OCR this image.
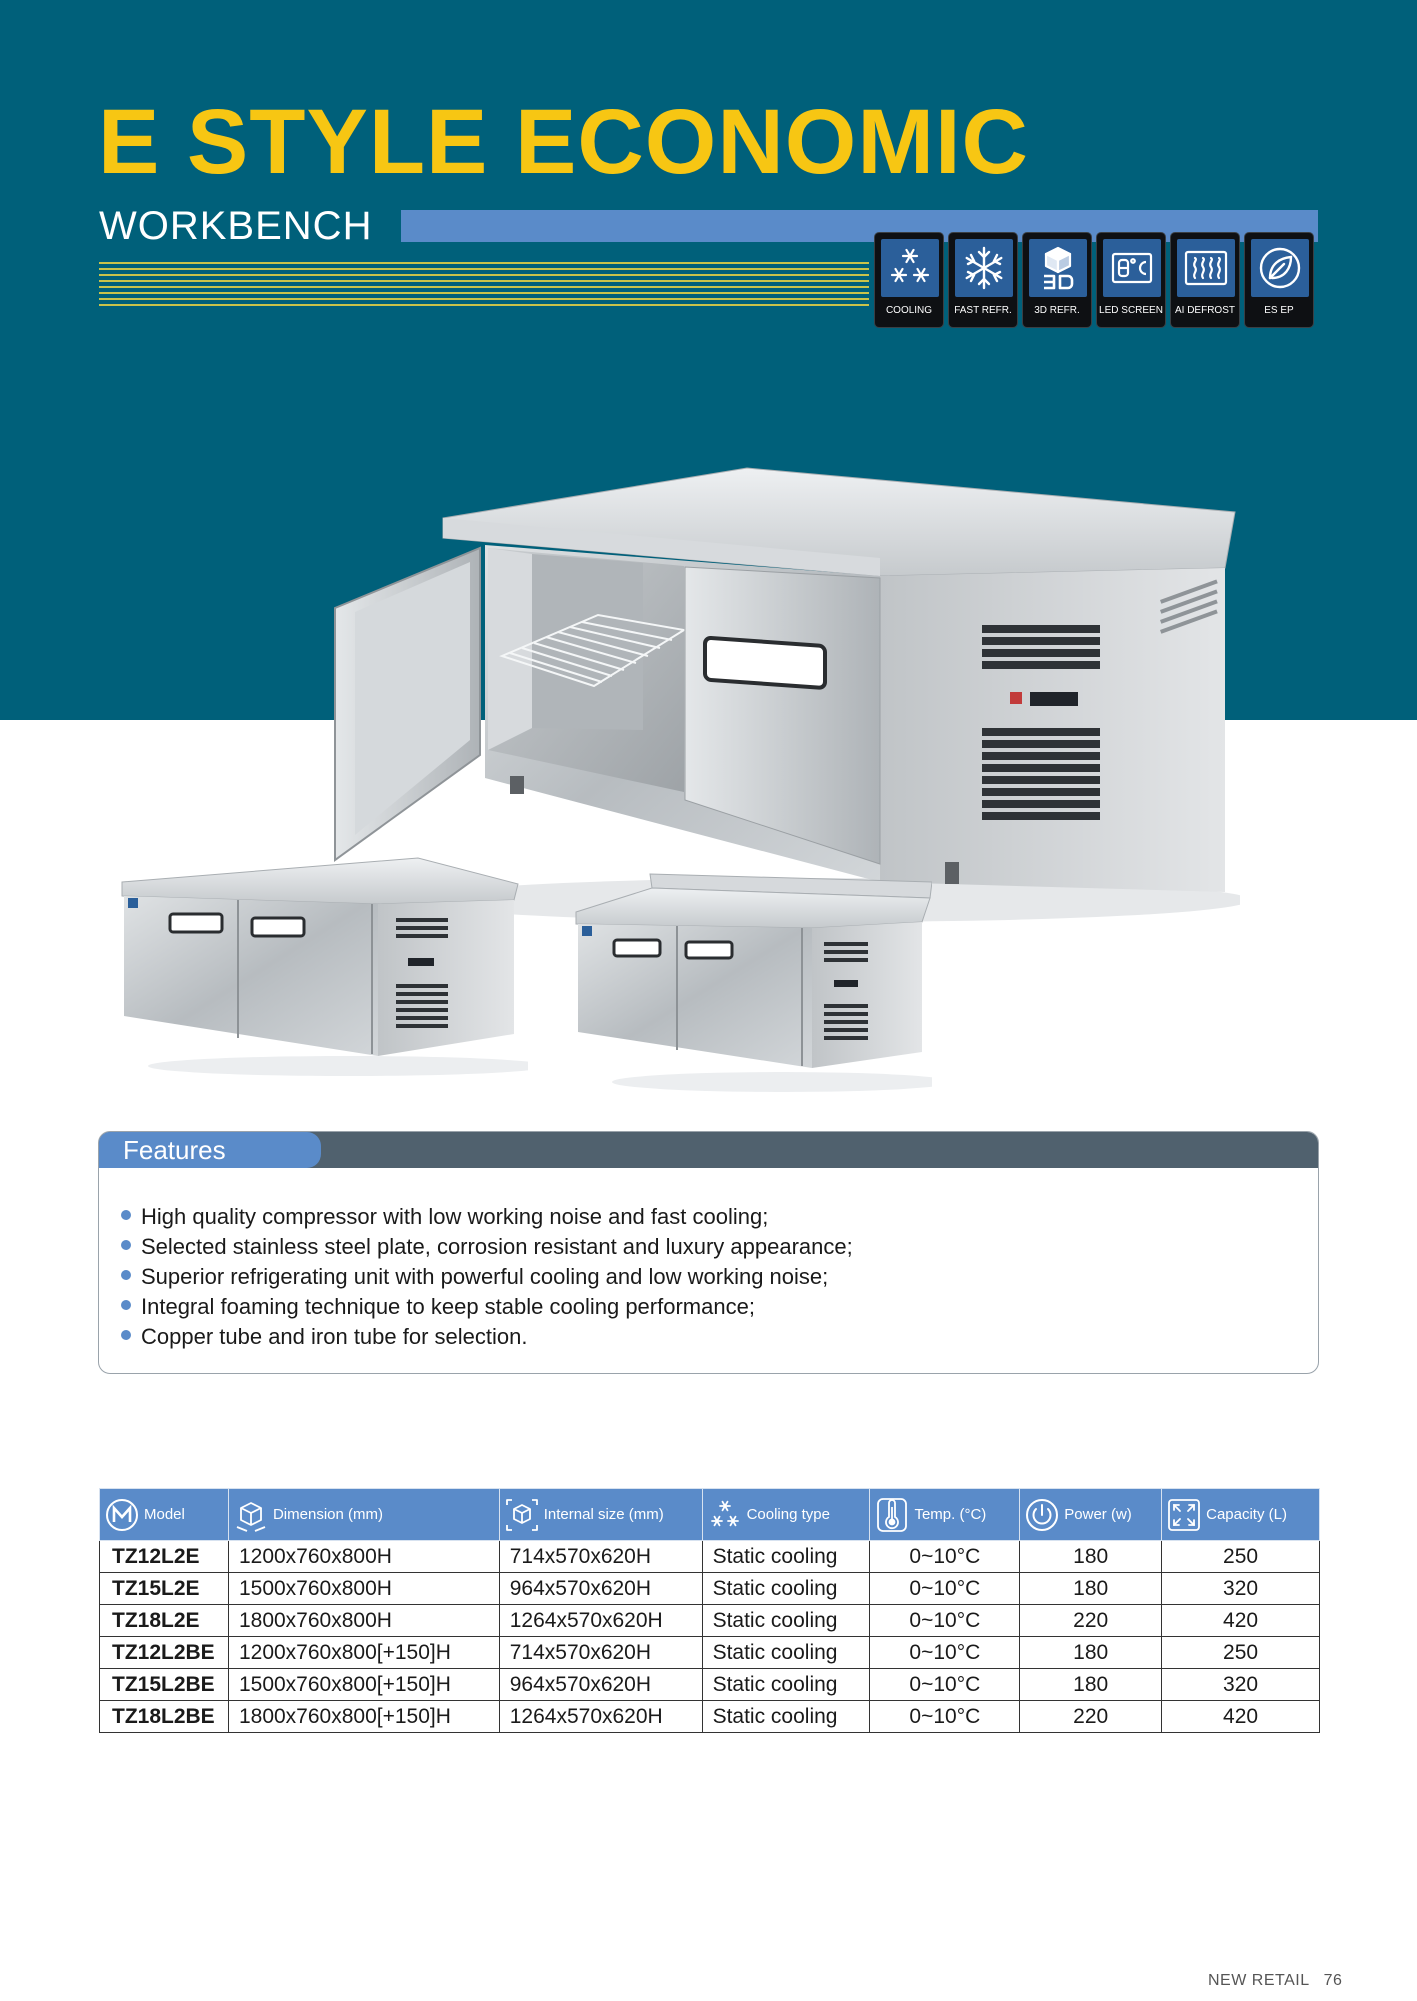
E STYLE ECONOMIC
WORKBENCH
COOLING	FAST REFR.	3D REFR.	LED SCREEN	AI DEFROST	ES EP
Features
High quality compressor with low working noise and fast cooling;
Selected stainless steel plate, corrosion resistant and luxury appearance;
Superior refrigerating unit with powerful cooling and low working noise;
Integral foaming technique to keep stable cooling performance;
Copper tube and iron tube for selection.
Model	Dimension (mm)	Internal size (mm)	Cooling type	Temp. (°C)	Power (w)	Capacity (L)

TZ12L2E	1200x760x800H	714x570x620H	Static cooling	0~10°C	180	250
TZ15L2E	1500x760x800H	964x570x620H	Static cooling	0~10°C	180	320
TZ18L2E	1800x760x800H	1264x570x620H	Static cooling	0~10°C	220	420
TZ12L2BE	1200x760x800[+150]H	714x570x620H	Static cooling	0~10°C	180	250
TZ15L2BE	1500x760x800[+150]H	964x570x620H	Static cooling	0~10°C	180	320
TZ18L2BE	1800x760x800[+150]H	1264x570x620H	Static cooling	0~10°C	220	420
NEW RETAIL 76
